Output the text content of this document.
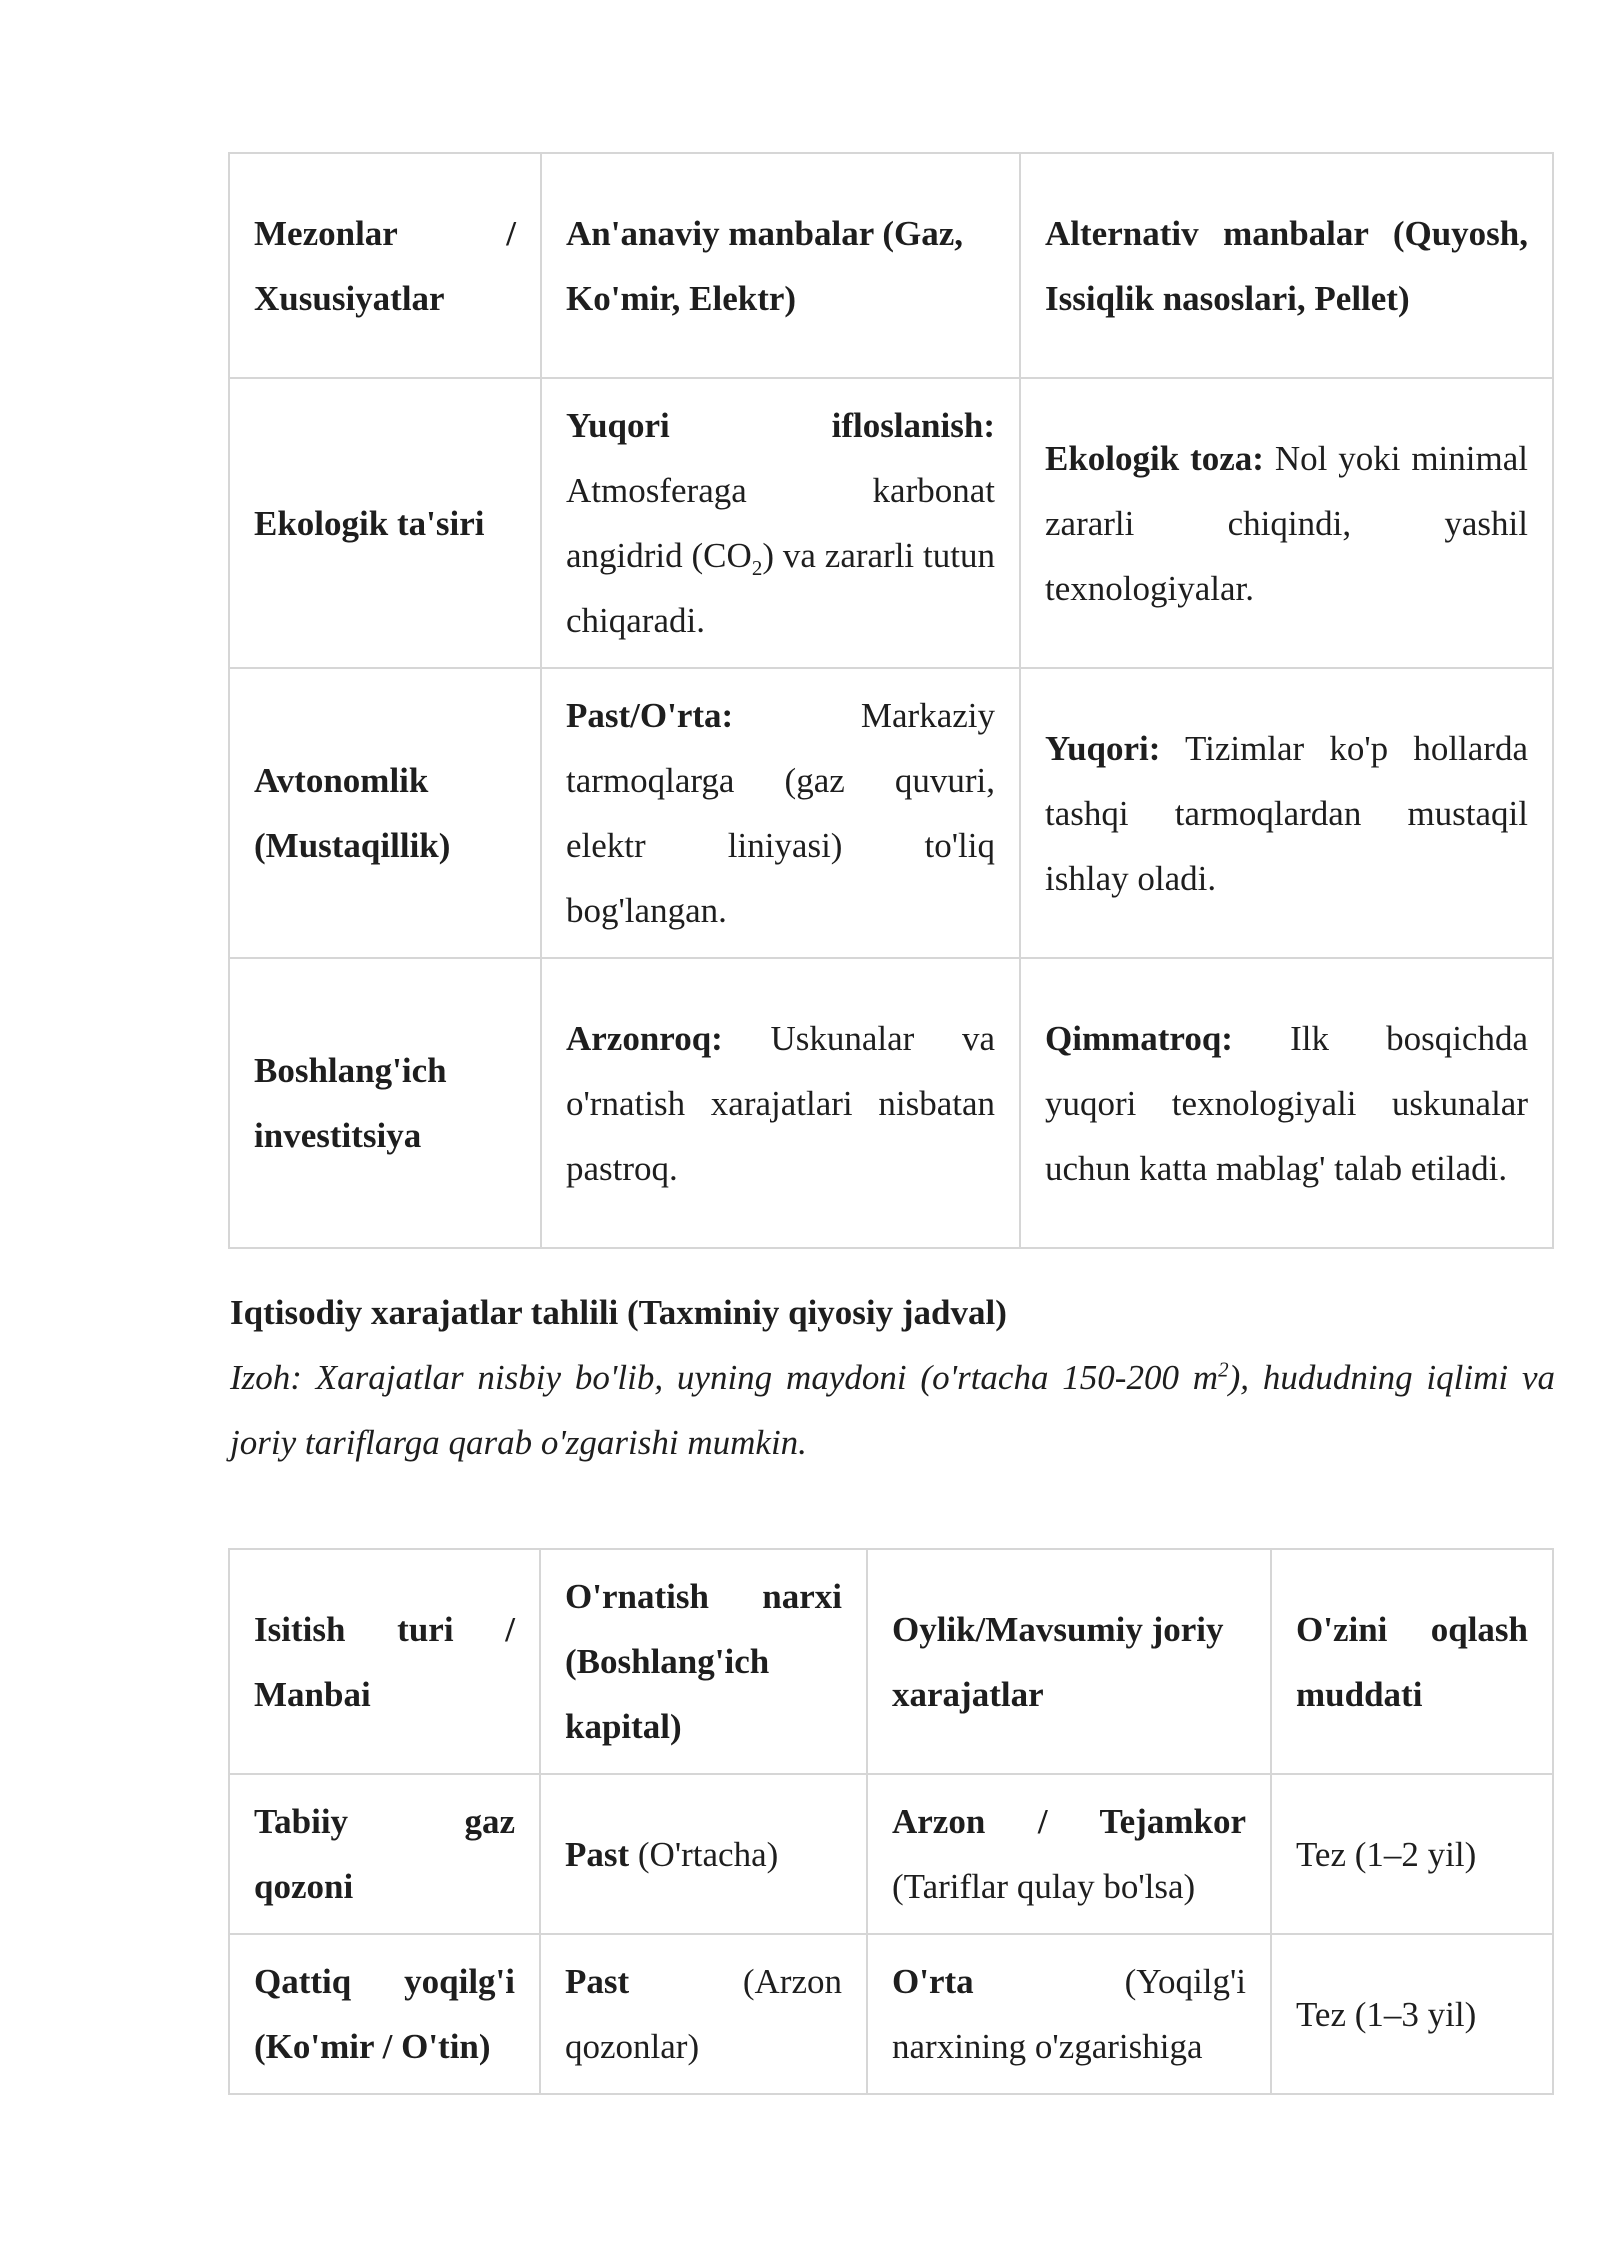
Mezonlar / Xususiyatlar	An'anaviy manbalar (Gaz, Ko'mir, Elektr)	Alternativ manbalar (Quyosh, Issiqlik nasoslari, Pellet)
Ekologik ta'siri	Yuqori ifloslanish: Atmosferaga karbonat angidrid $(CO_2)$ va zararli tutun chiqaradi.	Ekologik toza: Nol yoki minimal zararli chiqindi, yashil texnologiyalar.
Avtonomlik (Mustaqillik)	Past/O'rta: Markaziy tarmoqlarga (gaz quvuri, elektr liniyasi) to'liq bog'langan.	Yuqori: Tizimlar ko'p hollarda tashqi tarmoqlardan mustaqil ishlay oladi.
Boshlang'ich investitsiya	Arzonroq: Uskunalar va o'rnatish xarajatlari nisbatan pastroq.	Qimmatroq: Ilk bosqichda yuqori texnologiyali uskunalar uchun katta mablag' talab etiladi.
Iqtisodiy xarajatlar tahlili (Taxminiy qiyosiy jadval)
Izoh: Xarajatlar nisbiy bo'lib, uyning maydoni (o'rtacha 150-200 $m^2$), hududning iqlimi va joriy tariflarga qarab o'zgarishi mumkin.
Isitish turi / Manbai	O'rnatish narxi (Boshlang'ich kapital)	Oylik/Mavsumiy joriy xarajatlar	O'zini oqlash muddati
Tabiiy gaz qozoni	Past (O'rtacha)	Arzon / Tejamkor (Tariflar qulay bo'lsa)	Tez (1–2 yil)
Qattiq yoqilg'i (Ko'mir / O'tin)	Past (Arzon qozonlar)	O'rta (Yoqilg'i narxining o'zgarishiga	Tez (1–3 yil)
